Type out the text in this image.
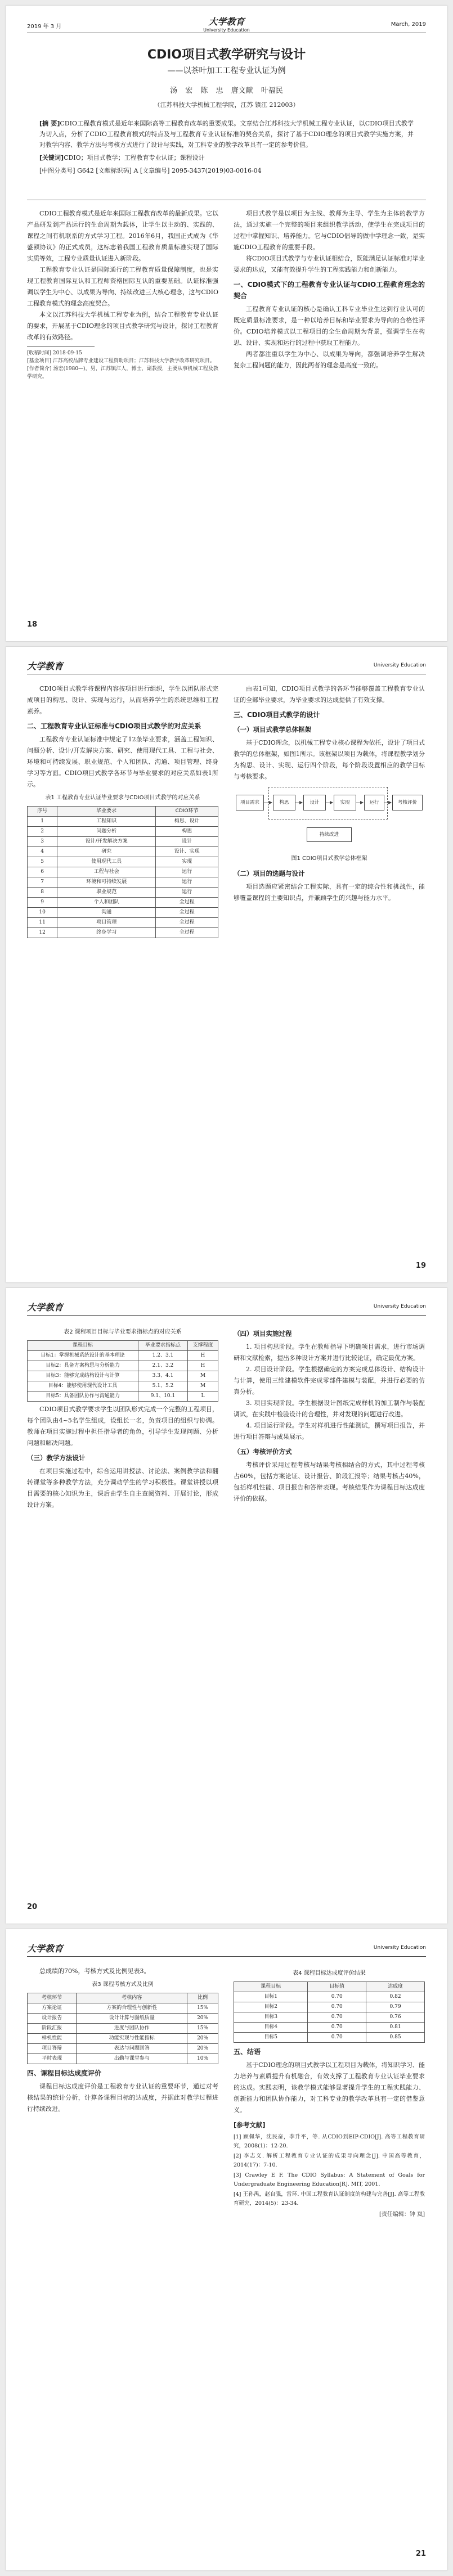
2019 年 3 月	大学教育
University Education
March, 2019
CDIO项目式教学研究与设计
——以茶叶加工工程专业认证为例
汤 宏 陈 忠 唐文献 叶福民
（江苏科技大学机械工程学院，江苏 镇江 212003）

[摘 要]CDIO工程教育模式是近年来国际高等工程教育改革的重要成果。文章结合江苏科技大学机械工程专业认证，以CDIO项目式教学为切入点，分析了CDIO工程教育模式的特点及与工程教育专业认证标准的契合关系，探讨了基于CDIO理念的项目式教学实施方案，并对教学内容、教学方法与考核方式进行了设计与实践，对工科专业的教学改革具有一定的参考价值。

[关键词]CDIO；项目式教学；工程教育专业认证；课程设计

[中图分类号] G642 [文献标识码] A [文章编号] 2095-3437(2019)03-0016-04

CDIO工程教育模式是近年来国际工程教育改革的最新成果。它以产品研发到产品运行的生命周期为载体，让学生以主动的、实践的、课程之间有机联系的方式学习工程。2016年6月，我国正式成为《华盛顿协议》的正式成员，这标志着我国工程教育质量标准实现了国际实质等效，工程专业质量认证进入新阶段。

工程教育专业认证是国际通行的工程教育质量保障制度，也是实现工程教育国际互认和工程师资格国际互认的重要基础。认证标准强调以学生为中心、以成果为导向、持续改进三大核心理念，这与CDIO工程教育模式的理念高度契合。

本文以江苏科技大学机械工程专业为例，结合工程教育专业认证的要求，开展基于CDIO理念的项目式教学研究与设计，探讨工程教育改革的有效路径。

[收稿时间] 2018-09-15

[基金项目] 江苏高校品牌专业建设工程资助项目；江苏科技大学教学改革研究项目。

[作者简介] 汤宏(1980—)，男，江苏镇江人，博士，副教授，主要从事机械工程及教学研究。

项目式教学是以项目为主线、教师为主导、学生为主体的教学方法，通过实施一个完整的项目来组织教学活动，使学生在完成项目的过程中掌握知识、培养能力。它与CDIO倡导的做中学理念一致，是实施CDIO工程教育的重要手段。

将CDIO项目式教学与专业认证相结合，既能满足认证标准对毕业要求的达成，又能有效提升学生的工程实践能力和创新能力。

一、CDIO模式下的工程教育专业认证与CDIO工程教育理念的契合

工程教育专业认证的核心是确认工科专业毕业生达到行业认可的既定质量标准要求，是一种以培养目标和毕业要求为导向的合格性评价。CDIO培养模式以工程项目的全生命周期为背景，强调学生在构思、设计、实现和运行的过程中获取工程能力。

两者都注重以学生为中心、以成果为导向，都强调培养学生解决复杂工程问题的能力，因此两者的理念是高度一致的。

18
大学教育	University Education

CDIO项目式教学将课程内容按项目进行组织，学生以团队形式完成项目的构思、设计、实现与运行，从而培养学生的系统思维和工程素养。

二、工程教育专业认证标准与CDIO项目式教学的对应关系

工程教育专业认证标准中规定了12条毕业要求，涵盖工程知识、问题分析、设计/开发解决方案、研究、使用现代工具、工程与社会、环境和可持续发展、职业规范、个人和团队、沟通、项目管理、终身学习等方面。CDIO项目式教学各环节与毕业要求的对应关系如表1所示。

表1 工程教育专业认证毕业要求与CDIO项目式教学的对应关系
序号	毕业要求	CDIO环节
1	工程知识	构思、设计
2	问题分析	构思
3	设计/开发解决方案	设计
4	研究	设计、实现
5	使用现代工具	实现
6	工程与社会	运行
7	环境和可持续发展	运行
8	职业规范	运行
9	个人和团队	全过程
10	沟通	全过程
11	项目管理	全过程
12	终身学习	全过程

由表1可知，CDIO项目式教学的各环节能够覆盖工程教育专业认证的全部毕业要求，为毕业要求的达成提供了有效支撑。

三、CDIO项目式教学的设计
（一）项目式教学总体框架

基于CDIO理念，以机械工程专业核心课程为依托，设计了项目式教学的总体框架，如图1所示。该框架以项目为载体，将课程教学划分为构思、设计、实现、运行四个阶段，每个阶段设置相应的教学目标与考核要求。

项目需求	构思	设计	实现	运行	考核评价
持续改进
图1 CDIO项目式教学总体框架
（二）项目的选题与设计

项目选题应紧密结合工程实际，具有一定的综合性和挑战性，能够覆盖课程的主要知识点，并兼顾学生的兴趣与能力水平。

19
大学教育	University Education
表2 课程项目目标与毕业要求指标点的对应关系
课程目标	毕业要求指标点	支撑程度
目标1：掌握机械系统设计的基本理论	1.2、3.1	H
目标2：具备方案构思与分析能力	2.1、3.2	H
目标3：能够完成结构设计与计算	3.3、4.1	M
目标4：能够使用现代设计工具	5.1、5.2	M
目标5：具备团队协作与沟通能力	9.1、10.1	L

CDIO项目式教学要求学生以团队形式完成一个完整的工程项目，每个团队由4~5名学生组成，设组长一名，负责项目的组织与协调。教师在项目实施过程中担任指导者的角色，引导学生发现问题、分析问题和解决问题。

（三）教学方法设计

在项目实施过程中，综合运用讲授法、讨论法、案例教学法和翻转课堂等多种教学方法，充分调动学生的学习积极性。课堂讲授以项目需要的核心知识为主，课后由学生自主查阅资料、开展讨论，形成设计方案。

（四）项目实施过程

1. 项目构思阶段。学生在教师指导下明确项目需求，进行市场调研和文献检索，提出多种设计方案并进行比较论证，确定最优方案。

2. 项目设计阶段。学生根据确定的方案完成总体设计、结构设计与计算，使用三维建模软件完成零部件建模与装配，并进行必要的仿真分析。

3. 项目实现阶段。学生根据设计图纸完成样机的加工制作与装配调试，在实践中检验设计的合理性，并对发现的问题进行改进。

4. 项目运行阶段。学生对样机进行性能测试，撰写项目报告，并进行项目答辩与成果展示。

（五）考核评价方式

考核评价采用过程考核与结果考核相结合的方式，其中过程考核占60%，包括方案论证、设计报告、阶段汇报等；结果考核占40%，包括样机性能、项目报告和答辩表现。考核结果作为课程目标达成度评价的依据。

20
大学教育	University Education

总成绩的70%，考核方式及比例见表3。

表3 课程考核方式及比例
考核环节	考核内容	比例
方案论证	方案的合理性与创新性	15%
设计报告	设计计算与图纸质量	20%
阶段汇报	进度与团队协作	15%
样机性能	功能实现与性能指标	20%
项目答辩	表达与问题回答	20%
平时表现	出勤与课堂参与	10%
四、课程目标达成度评价

课程目标达成度评价是工程教育专业认证的重要环节，通过对考核结果的统计分析，计算各课程目标的达成度，并据此对教学过程进行持续改进。

表4 课程目标达成度评价结果
课程目标	目标值	达成度
目标1	0.70	0.82
目标2	0.70	0.79
目标3	0.70	0.76
目标4	0.70	0.81
目标5	0.70	0.85
五、结语

基于CDIO理念的项目式教学以工程项目为载体，将知识学习、能力培养与素质提升有机融合，有效支撑了工程教育专业认证毕业要求的达成。实践表明，该教学模式能够显著提升学生的工程实践能力、创新能力和团队协作能力，对工科专业的教学改革具有一定的借鉴意义。

[参考文献]

[1] 顾佩华，沈民奋，李升平，等. 从CDIO到EIP-CDIO[J]. 高等工程教育研究，2008(1)：12-20.

[2] 李志义. 解析工程教育专业认证的成果导向理念[J]. 中国高等教育，2014(17)：7-10.

[3] Crawley E F. The CDIO Syllabus: A Statement of Goals for Undergraduate Engineering Education[R]. MIT, 2001.

[4] 王孙禺，赵自强，雷环. 中国工程教育认证制度的构建与完善[J]. 高等工程教育研究，2014(5)：23-34.

[责任编辑：钟 岚]

21
